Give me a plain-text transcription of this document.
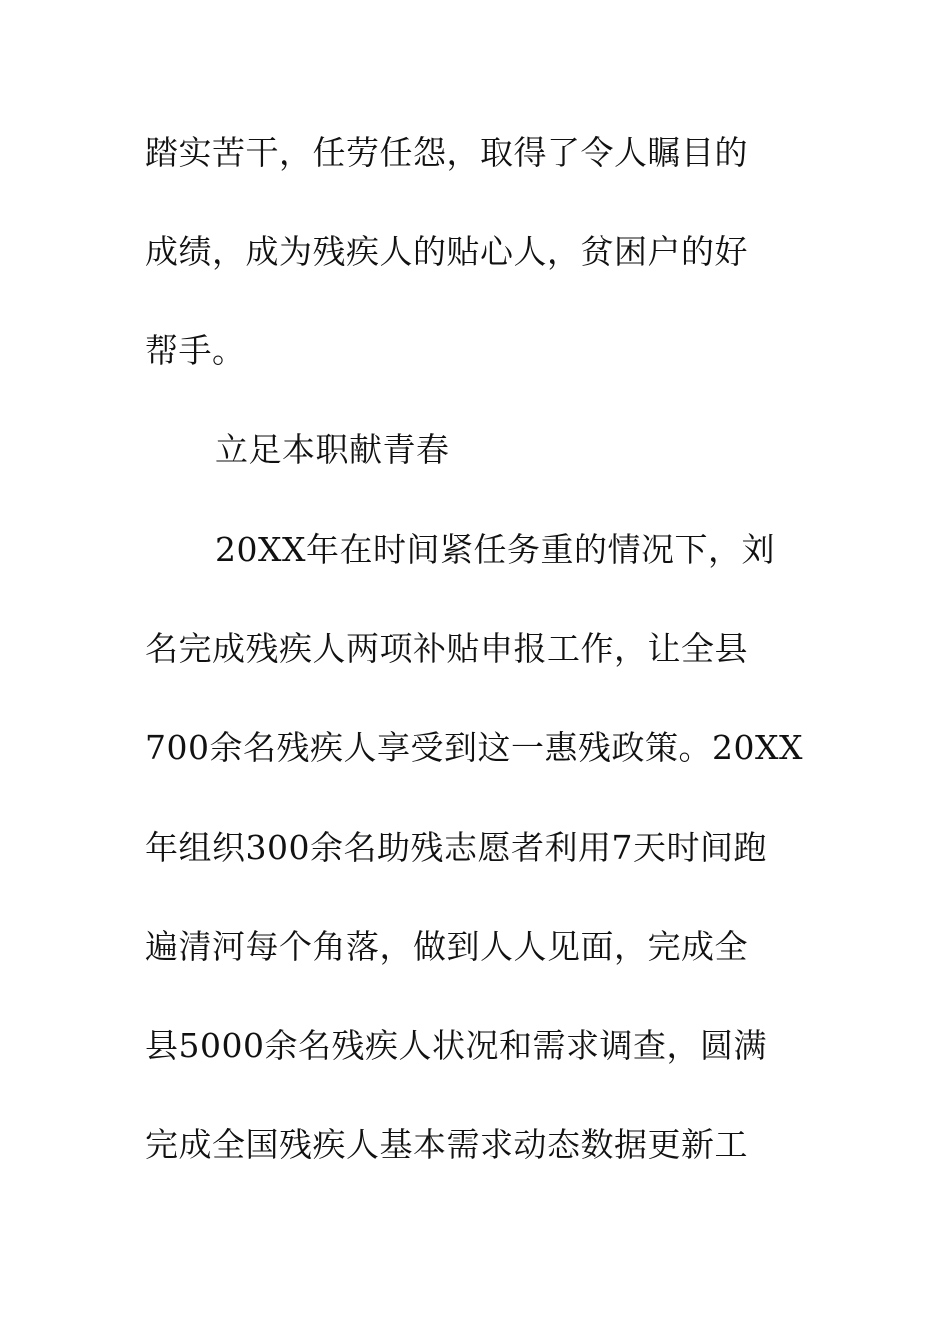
踏实苦干，任劳任怨，取得了令人瞩目的
成绩，成为残疾人的贴心人，贫困户的好
帮手。
立足本职献青春
20XX年在时间紧任务重的情况下，刘
名完成残疾人两项补贴申报工作，让全县
700余名残疾人享受到这一惠残政策。20XX
年组织300余名助残志愿者利用7天时间跑
遍清河每个角落，做到人人见面，完成全
县5000余名残疾人状况和需求调查，圆满
完成全国残疾人基本需求动态数据更新工
